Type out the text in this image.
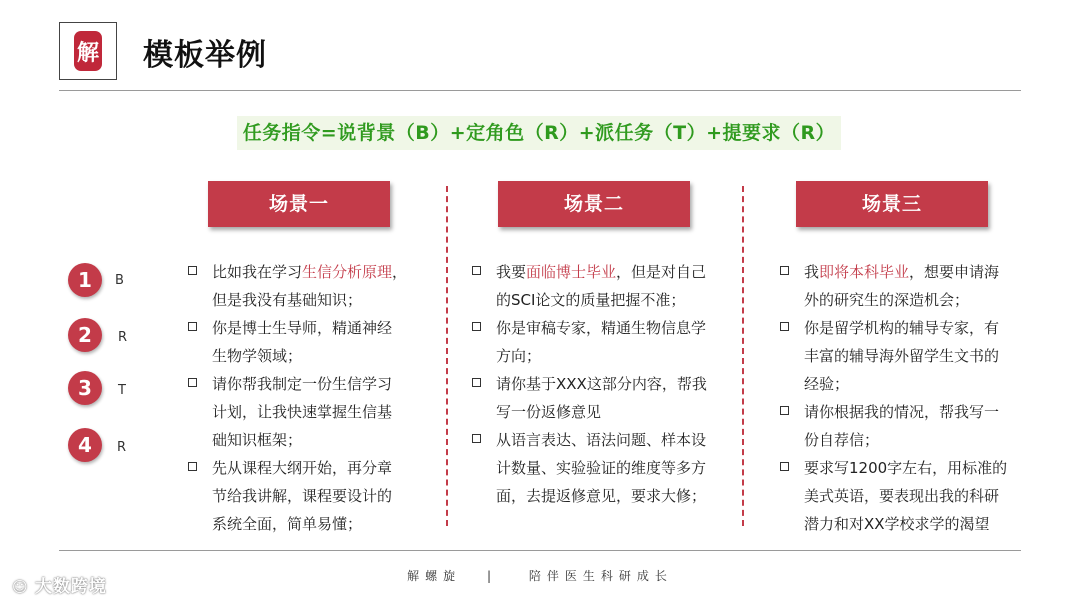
解 模板举例
任务指令=说背景（B）+定角色（R）+派任务（T）+提要求（R）
场景一	场景二	场景三
1	B
2	R
3	T
4	R
比如我在学习生信分析原理，
但是我没有基础知识；
你是博士生导师，精通神经
生物学领域；
请你帮我制定一份生信学习
计划，让我快速掌握生信基
础知识框架；
先从课程大纲开始，再分章
节给我讲解，课程要设计的
系统全面，简单易懂；
我要面临博士毕业，但是对自己
的SCI论文的质量把握不准；
你是审稿专家，精通生物信息学
方向；
请你基于XXX这部分内容，帮我
写一份返修意见
从语言表达、语法问题、样本设
计数量、实验验证的维度等多方
面，去提返修意见，要求大修；
我即将本科毕业，想要申请海
外的研究生的深造机会；
你是留学机构的辅导专家，有
丰富的辅导海外留学生文书的
经验；
请你根据我的情况，帮我写一
份自荐信；
要求写1200字左右，用标准的
美式英语，要表现出我的科研
潜力和对XX学校求学的渴望
解螺旋 |	陪伴医生科研成长
☺ 大数跨境
